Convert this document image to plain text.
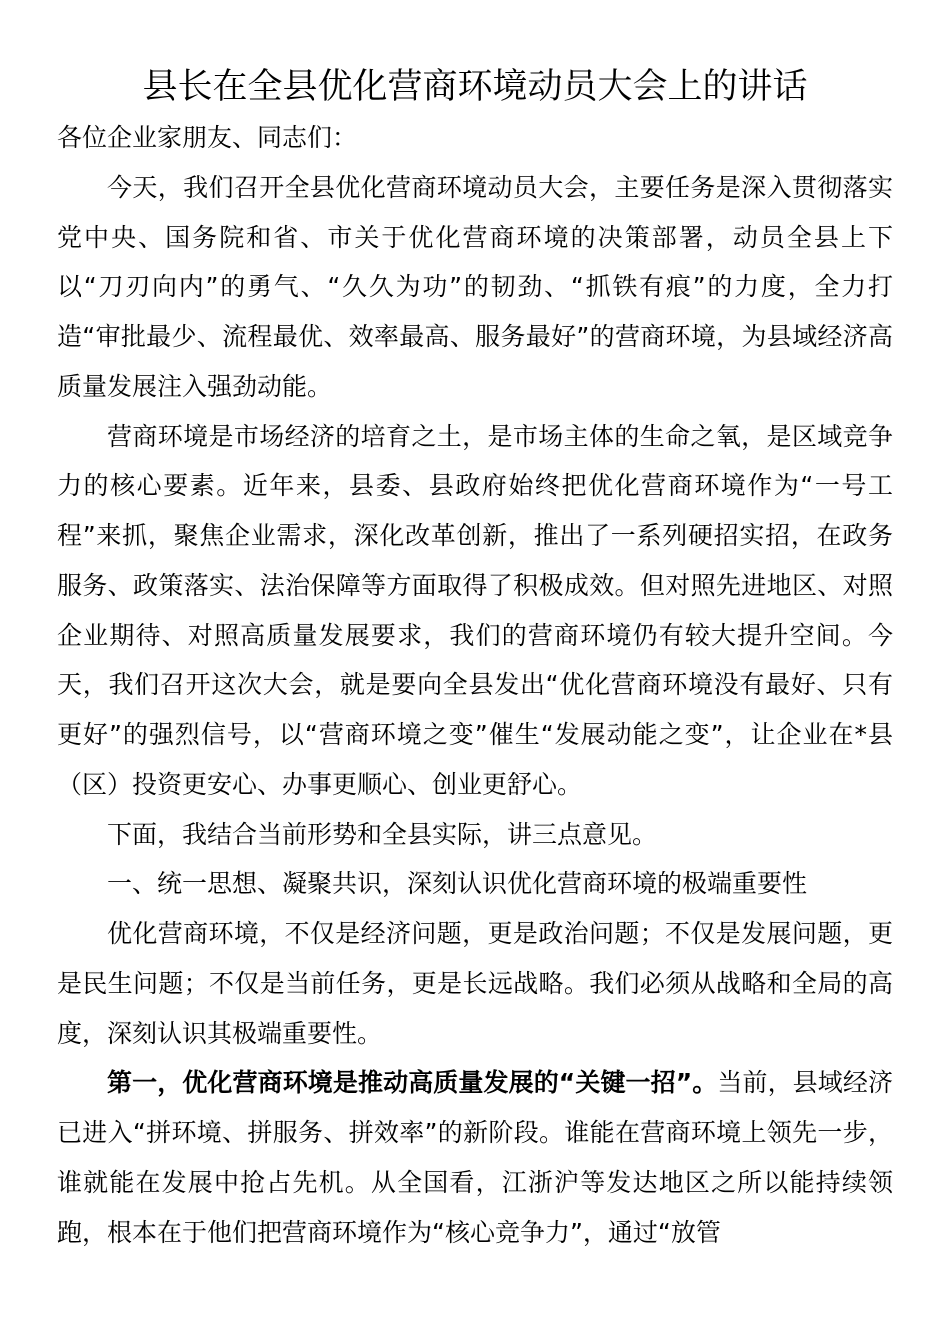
县长在全县优化营商环境动员大会上的讲话

各位企业家朋友、同志们：

今天，我们召开全县优化营商环境动员大会，主要任务是深入贯彻落实党中央、国务院和省、市关于优化营商环境的决策部署，动员全县上下以“刀刃向内”的勇气、“久久为功”的韧劲、“抓铁有痕”的力度，全力打造“审批最少、流程最优、效率最高、服务最好”的营商环境，为县域经济高质量发展注入强劲动能。

营商环境是市场经济的培育之土，是市场主体的生命之氧，是区域竞争力的核心要素。近年来，县委、县政府始终把优化营商环境作为“一号工程”来抓，聚焦企业需求，深化改革创新，推出了一系列硬招实招，在政务服务、政策落实、法治保障等方面取得了积极成效。但对照先进地区、对照企业期待、对照高质量发展要求，我们的营商环境仍有较大提升空间。今天，我们召开这次大会，就是要向全县发出“优化营商环境没有最好、只有更好”的强烈信号，以“营商环境之变”催生“发展动能之变”，让企业在*县（区）投资更安心、办事更顺心、创业更舒心。

下面，我结合当前形势和全县实际，讲三点意见。

一、统一思想、凝聚共识，深刻认识优化营商环境的极端重要性

优化营商环境，不仅是经济问题，更是政治问题；不仅是发展问题，更是民生问题；不仅是当前任务，更是长远战略。我们必须从战略和全局的高度，深刻认识其极端重要性。

第一，优化营商环境是推动高质量发展的“关键一招”。当前，县域经济已进入“拼环境、拼服务、拼效率”的新阶段。谁能在营商环境上领先一步，谁就能在发展中抢占先机。从全国看，江浙沪等发达地区之所以能持续领跑，根本在于他们把营商环境作为“核心竞争力”，通过“放管
